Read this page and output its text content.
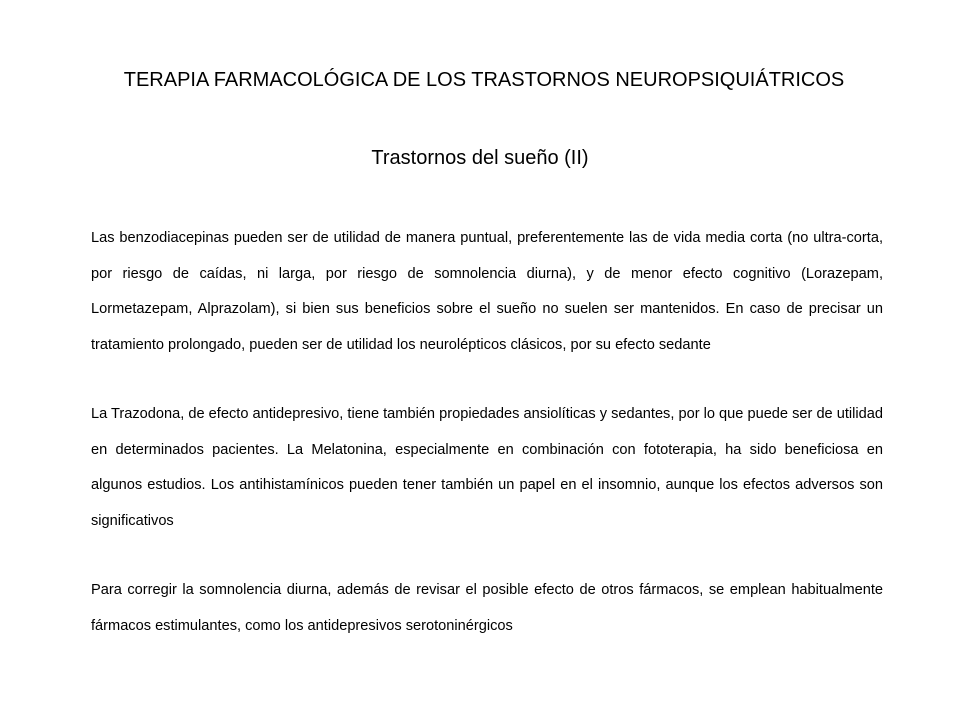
TERAPIA FARMACOLÓGICA DE LOS TRASTORNOS NEUROPSIQUIÁTRICOS
Trastornos del sueño (II)

Las benzodiacepinas pueden ser de utilidad de manera puntual, preferentemente las de vida media corta (no ultra-corta, por riesgo de caídas, ni larga, por riesgo de somnolencia diurna), y de menor efecto cognitivo (Lorazepam, Lormetazepam, Alprazolam), si bien sus beneficios sobre el sueño no suelen ser mantenidos. En caso de precisar un tratamiento prolongado, pueden ser de utilidad los neurolépticos clásicos, por su efecto sedante

La Trazodona, de efecto antidepresivo, tiene también propiedades ansiolíticas y sedantes, por lo que puede ser de utilidad en determinados pacientes. La Melatonina, especialmente en combinación con fototerapia, ha sido beneficiosa en algunos estudios. Los antihistamínicos pueden tener también un papel en el insomnio, aunque los efectos adversos son significativos

Para corregir la somnolencia diurna, además de revisar el posible efecto de otros fármacos, se emplean habitualmente fármacos estimulantes, como los antidepresivos serotoninérgicos
